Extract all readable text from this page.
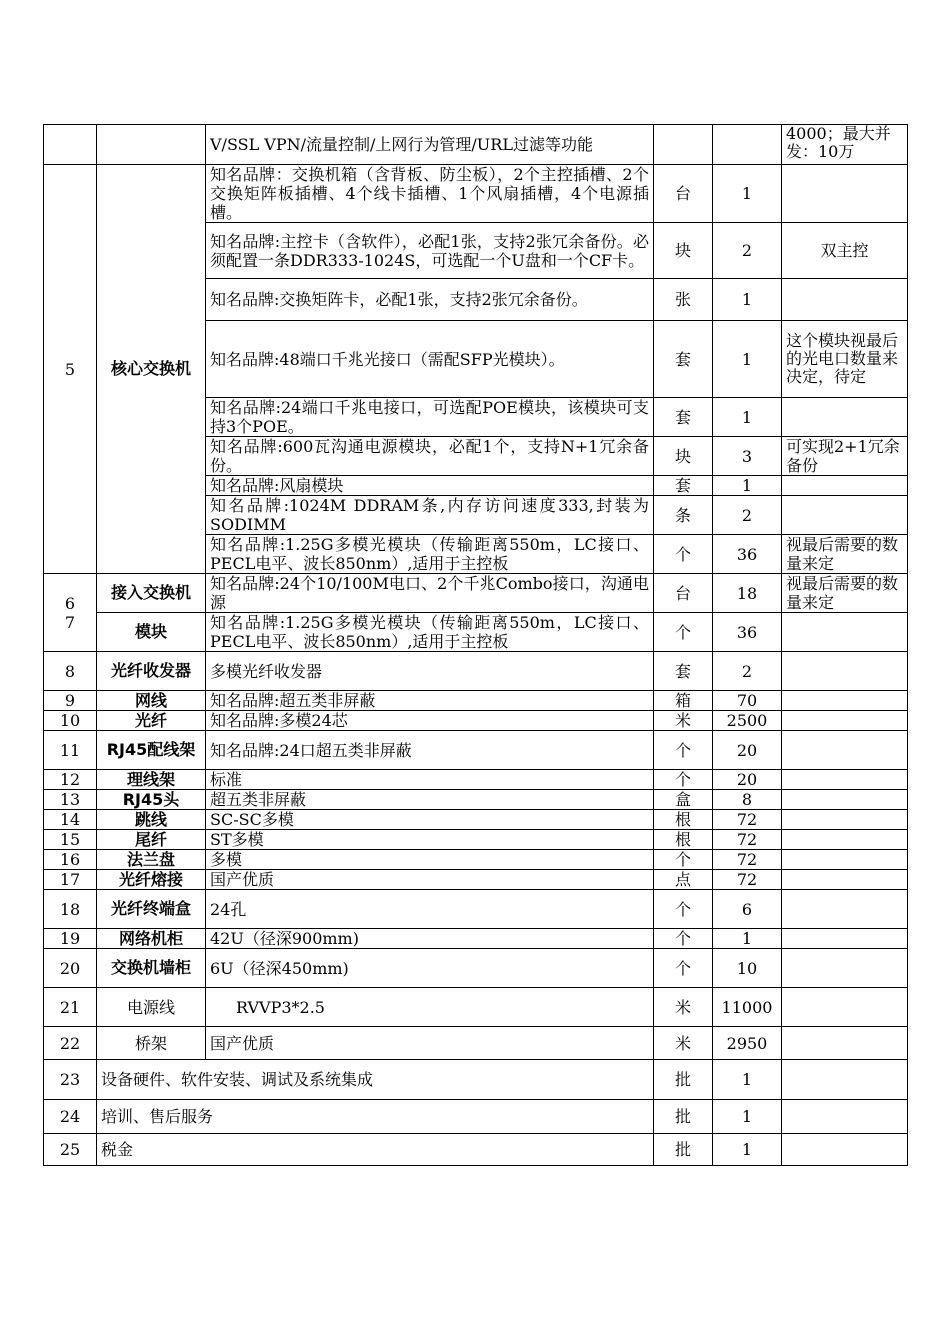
		V/SSL VPN/流量控制/上网行为管理/URL过滤等功能			4000；最大并发：10万
5	核心交换机	知名品牌：交换机箱（含背板、防尘板），2个主控插槽、2个交换矩阵板插槽、4个线卡插槽、1个风扇插槽，4个电源插槽。	台	1	
		知名品牌:主控卡（含软件），必配1张，支持2张冗余备份。必须配置一条DDR333-1024S，可选配一个U盘和一个CF卡。	块	2	双主控
		知名品牌:交换矩阵卡，必配1张，支持2张冗余备份。	张	1	
		知名品牌:48端口千兆光接口（需配SFP光模块）。	套	1	这个模块视最后的光电口数量来决定，待定
		知名品牌:24端口千兆电接口，可选配POE模块，该模块可支持3个POE。	套	1	
		知名品牌:600瓦沟通电源模块，必配1个，支持N+1冗余备份。	块	3	可实现2+1冗余备份
		知名品牌:风扇模块	套	1	
		知名品牌:1024M DDRAM条,内存访问速度333,封装为SODIMM	条	2	
		知名品牌:1.25G多模光模块（传输距离550m，LC接口、PECL电平、波长850nm）,适用于主控板	个	36	视最后需要的数量来定
6	接入交换机	知名品牌:24个10/100M电口、2个千兆Combo接口，沟通电源	台	18	视最后需要的数量来定
7	模块	知名品牌:1.25G多模光模块（传输距离550m，LC接口、PECL电平、波长850nm）,适用于主控板	个	36	
8	光纤收发器	多模光纤收发器	套	2	
9	网线	知名品牌:超五类非屏蔽	箱	70	
10	光纤	知名品牌:多模24芯	米	2500	
11	RJ45配线架	知名品牌:24口超五类非屏蔽	个	20	
12	理线架	标准	个	20	
13	RJ45头	超五类非屏蔽	盒	8	
14	跳线	SC-SC多模	根	72	
15	尾纤	ST多模	根	72	
16	法兰盘	多模	个	72	
17	光纤熔接	国产优质	点	72	
18	光纤终端盒	24孔	个	6	
19	网络机柜	42U（径深900mm)	个	1	
20	交换机墙柜	6U（径深450mm)	个	10	
21	电源线	RVVP3*2.5	米	11000	
22	桥架	国产优质	米	2950	
23	设备硬件、软件安装、调试及系统集成		批	1	
24	培训、售后服务		批	1	
25	税金		批	1	
